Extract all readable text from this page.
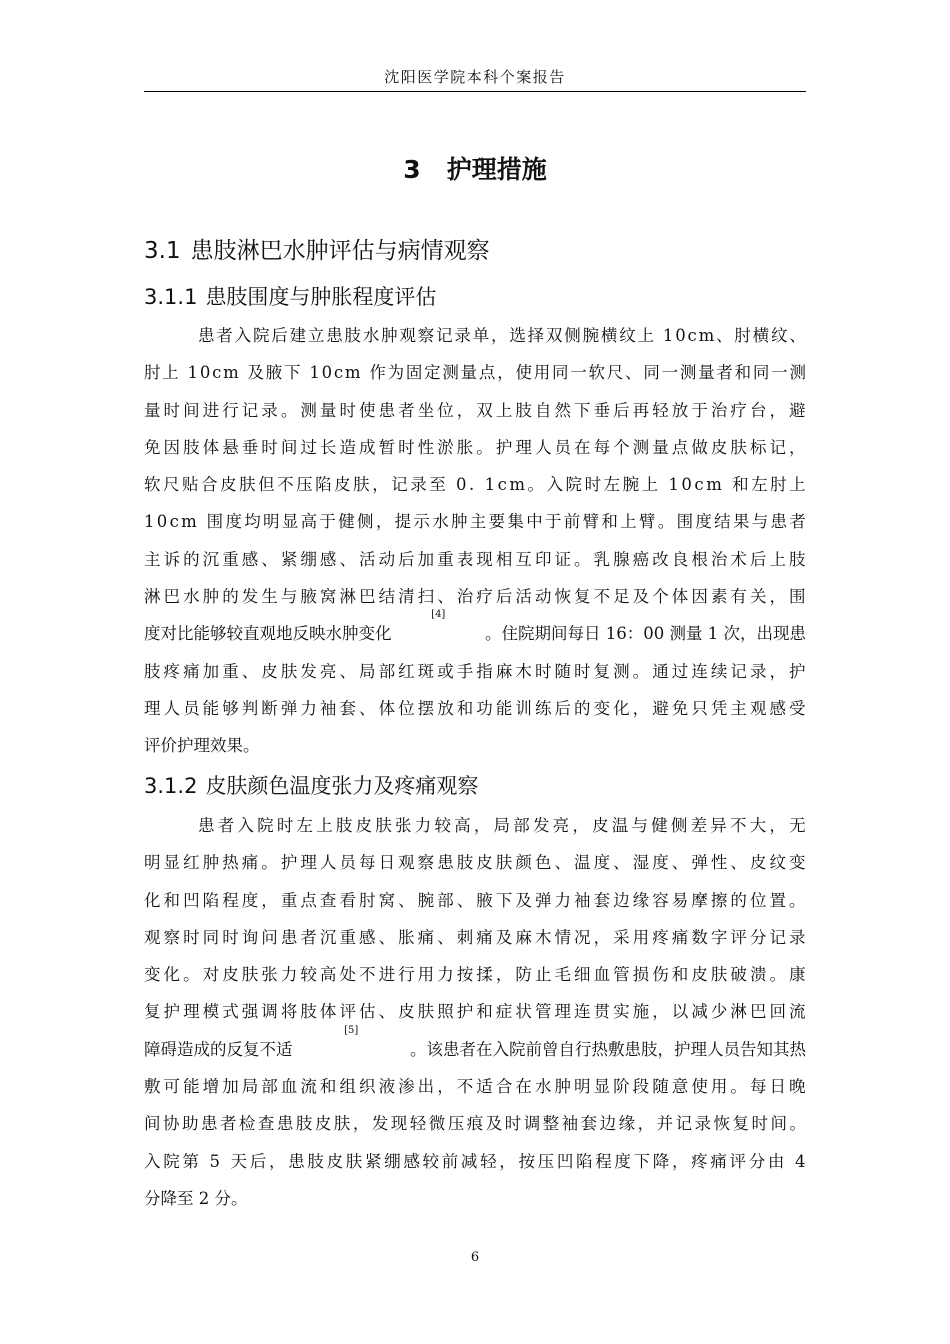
沈阳医学院本科个案报告
3 护理措施
3.1 患肢淋巴水肿评估与病情观察
3.1.1 患肢围度与肿胀程度评估
患 者 入 院 后 建 立 患 肢 水 肿 观 察 记 录 单 ， 选 择 双 侧 腕 横 纹 上
1 0 c m 、 肘 横 纹 、
肘 上
1 0 c m
及 腋 下
1 0 c m
作 为 固 定 测 量 点 ， 使 用 同 一 软 尺 、 同 一 测 量 者 和 同 一 测
量 时 间 进 行 记 录 。 测 量 时 使 患 者 坐 位 ， 双 上 肢 自 然 下 垂 后 再 轻 放 于 治 疗 台 ， 避
免 因 肢 体 悬 垂 时 间 过 长 造 成 暂 时 性 淤 胀 。 护 理 人 员 在 每 个 测 量 点 做 皮 肤 标 记 ，
软 尺 贴 合 皮 肤 但 不 压 陷 皮 肤 ， 记 录 至
0 .
1 c m 。 入 院 时 左 腕 上
1 0 c m
和 左 肘 上
1 0 c m
围 度 均 明 显 高 于 健 侧 ， 提 示 水 肿 主 要 集 中 于 前 臂 和 上 臂 。 围 度 结 果 与 患 者
主 诉 的 沉 重 感 、 紧 绷 感 、 活 动 后 加 重 表 现 相 互 印 证 。 乳 腺 癌 改 良 根 治 术 后 上 肢
淋 巴 水 肿 的 发 生 与 腋 窝 淋 巴 结 清 扫 、 治 疗 后 活 动 恢 复 不 足 及 个 体 因 素 有 关 ， 围
度对比能够较直观地反映水肿变化
[4]
。住院期间每日 16：00 测量 1 次，出现患
肢 疼 痛 加 重 、 皮 肤 发 亮 、 局 部 红 斑 或 手 指 麻 木 时 随 时 复 测 。 通 过 连 续 记 录 ， 护
理 人 员 能 够 判 断 弹 力 袖 套 、 体 位 摆 放 和 功 能 训 练 后 的 变 化 ， 避 免 只 凭 主 观 感 受
评价护理效果。
3.1.2 皮肤颜色温度张力及疼痛观察
患 者 入 院 时 左 上 肢 皮 肤 张 力 较 高 ， 局 部 发 亮 ， 皮 温 与 健 侧 差 异 不 大 ， 无
明 显 红 肿 热 痛 。 护 理 人 员 每 日 观 察 患 肢 皮 肤 颜 色 、 温 度 、 湿 度 、 弹 性 、 皮 纹 变
化 和 凹 陷 程 度 ， 重 点 查 看 肘 窝 、 腕 部 、 腋 下 及 弹 力 袖 套 边 缘 容 易 摩 擦 的 位 置 。
观 察 时 同 时 询 问 患 者 沉 重 感 、 胀 痛 、 刺 痛 及 麻 木 情 况 ， 采 用 疼 痛 数 字 评 分 记 录
变 化 。 对 皮 肤 张 力 较 高 处 不 进 行 用 力 按 揉 ， 防 止 毛 细 血 管 损 伤 和 皮 肤 破 溃 。 康
复 护 理 模 式 强 调 将 肢 体 评 估 、 皮 肤 照 护 和 症 状 管 理 连 贯 实 施 ， 以 减 少 淋 巴 回 流
障碍造成的反复不适
[5]
。该患者在入院前曾自行热敷患肢，护理人员告知其热
敷 可 能 增 加 局 部 血 流 和 组 织 液 渗 出 ， 不 适 合 在 水 肿 明 显 阶 段 随 意 使 用 。 每 日 晚
间 协 助 患 者 检 查 患 肢 皮 肤 ， 发 现 轻 微 压 痕 及 时 调 整 袖 套 边 缘 ， 并 记 录 恢 复 时 间 。
入 院 第
5
天 后 ， 患 肢 皮 肤 紧 绷 感 较 前 减 轻 ， 按 压 凹 陷 程 度 下 降 ， 疼 痛 评 分 由
4
分降至 2 分。
6
